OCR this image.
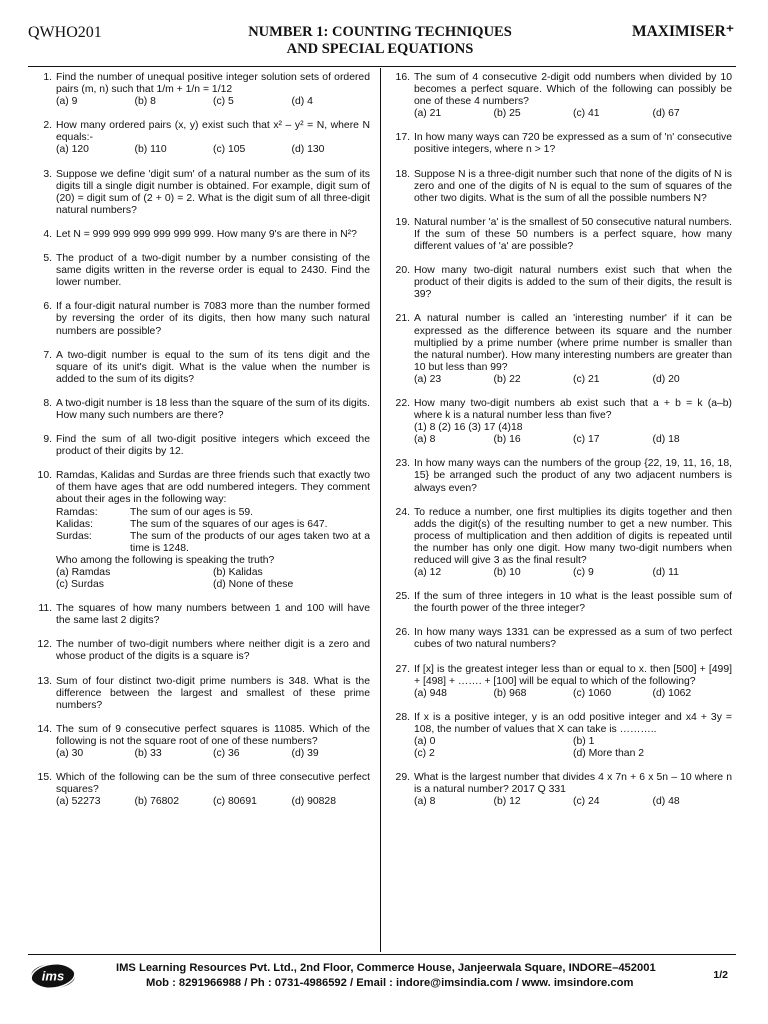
QWHO201	NUMBER 1: COUNTING TECHNIQUES
AND SPECIAL EQUATIONS
MAXIMISER⁺
1. Find the number of unequal positive integer solution sets of ordered pairs (m, n) such that 1/m + 1/n = 1/12
(a) 9	(b) 8	(c) 5	(d) 4
2. How many ordered pairs (x, y) exist such that x² – y² = N, where N equals:-
(a) 120	(b) 110	(c) 105	(d) 130
3. Suppose we define 'digit sum' of a natural number as the sum of its digits till a single digit number is obtained. For example, digit sum of (20) = digit sum of (2 + 0) = 2. What is the digit sum of all three-digit natural numbers?
4. Let N = 999 999 999 999 999 999. How many 9's are there in N²?
5. The product of a two-digit number by a number consisting of the same digits written in the reverse order is equal to 2430. Find the lower number.
6. If a four-digit natural number is 7083 more than the number formed by reversing the order of its digits, then how many such natural numbers are possible?
7. A two-digit number is equal to the sum of its tens digit and the square of its unit's digit. What is the value when the number is added to the sum of its digits?
8. A two-digit number is 18 less than the square of the sum of its digits. How many such numbers are there?
9. Find the sum of all two-digit positive integers which exceed the product of their digits by 12.
10. Ramdas, Kalidas and Surdas are three friends such that exactly two of them have ages that are odd numbered integers. They comment about their ages in the following way:
Ramdas:	The sum of our ages is 59.
Kalidas:	The sum of the squares of our ages is 647.
Surdas:	The sum of the products of our ages taken two at a time is 1248.
Who among the following is speaking the truth?
(a) Ramdas	(b) Kalidas
(c) Surdas	(d) None of these
11. The squares of how many numbers between 1 and 100 will have the same last 2 digits?
12. The number of two-digit numbers where neither digit is a zero and whose product of the digits is a square is?
13. Sum of four distinct two-digit prime numbers is 348. What is the difference between the largest and smallest of these prime numbers?
14. The sum of 9 consecutive perfect squares is 11085. Which of the following is not the square root of one of these numbers?
(a) 30	(b) 33	(c) 36	(d) 39
15. Which of the following can be the sum of three consecutive perfect squares?
(a) 52273	(b) 76802	(c) 80691	(d) 90828
16. The sum of 4 consecutive 2-digit odd numbers when divided by 10 becomes a perfect square. Which of the following can possibly be one of these 4 numbers?
(a) 21	(b) 25	(c) 41	(d) 67
17. In how many ways can 720 be expressed as a sum of 'n' consecutive positive integers, where n > 1?
18. Suppose N is a three-digit number such that none of the digits of N is zero and one of the digits of N is equal to the sum of squares of the other two digits. What is the sum of all the possible numbers N?
19. Natural number 'a' is the smallest of 50 consecutive natural numbers. If the sum of these 50 numbers is a perfect square, how many different values of 'a' are possible?
20. How many two-digit natural numbers exist such that when the product of their digits is added to the sum of their digits, the result is 39?
21. A natural number is called an 'interesting number' if it can be expressed as the difference between its square and the number multiplied by a prime number (where prime number is smaller than the natural number). How many interesting numbers are greater than 10 but less than 99?
(a) 23	(b) 22	(c) 21	(d) 20
22. How many two-digit numbers ab exist such that a + b = k (a–b) where k is a natural number less than five?
(1) 8 (2) 16 (3) 17 (4)18
(a) 8	(b) 16	(c) 17	(d) 18
23. In how many ways can the numbers of the group {22, 19, 11, 16, 18, 15} be arranged such the product of any two adjacent numbers is always even?
24. To reduce a number, one first multiplies its digits together and then adds the digit(s) of the resulting number to get a new number. This process of multiplication and then addition of digits is repeated until the number has only one digit. How many two-digit numbers when reduced will give 3 as the final result?
(a) 12	(b) 10	(c) 9	(d) 11
25. If the sum of three integers in 10 what is the least possible sum of the fourth power of the three integer?
26. In how many ways 1331 can be expressed as a sum of two perfect cubes of two natural numbers?
27. If [x] is the greatest integer less than or equal to x. then [500] + [499] + [498] + ……. + [100] will be equal to which of the following?
(a) 948	(b) 968	(c) 1060	(d) 1062
28. If x is a positive integer, y is an odd positive integer and x4 + 3y = 108, the number of values that X can take is ………..
(a) 0	(b) 1
(c) 2	(d) More than 2
29. What is the largest number that divides 4 x 7n + 6 x 5n – 10 where n is a natural number? 2017 Q 331
(a) 8	(b) 12	(c) 24	(d) 48
ims
IMS Learning Resources Pvt. Ltd., 2nd Floor, Commerce House, Janjeerwala Square, INDORE–452001
Mob : 8291966988 / Ph : 0731-4986592 / Email : indore@imsindia.com / www. imsindore.com
1/2
